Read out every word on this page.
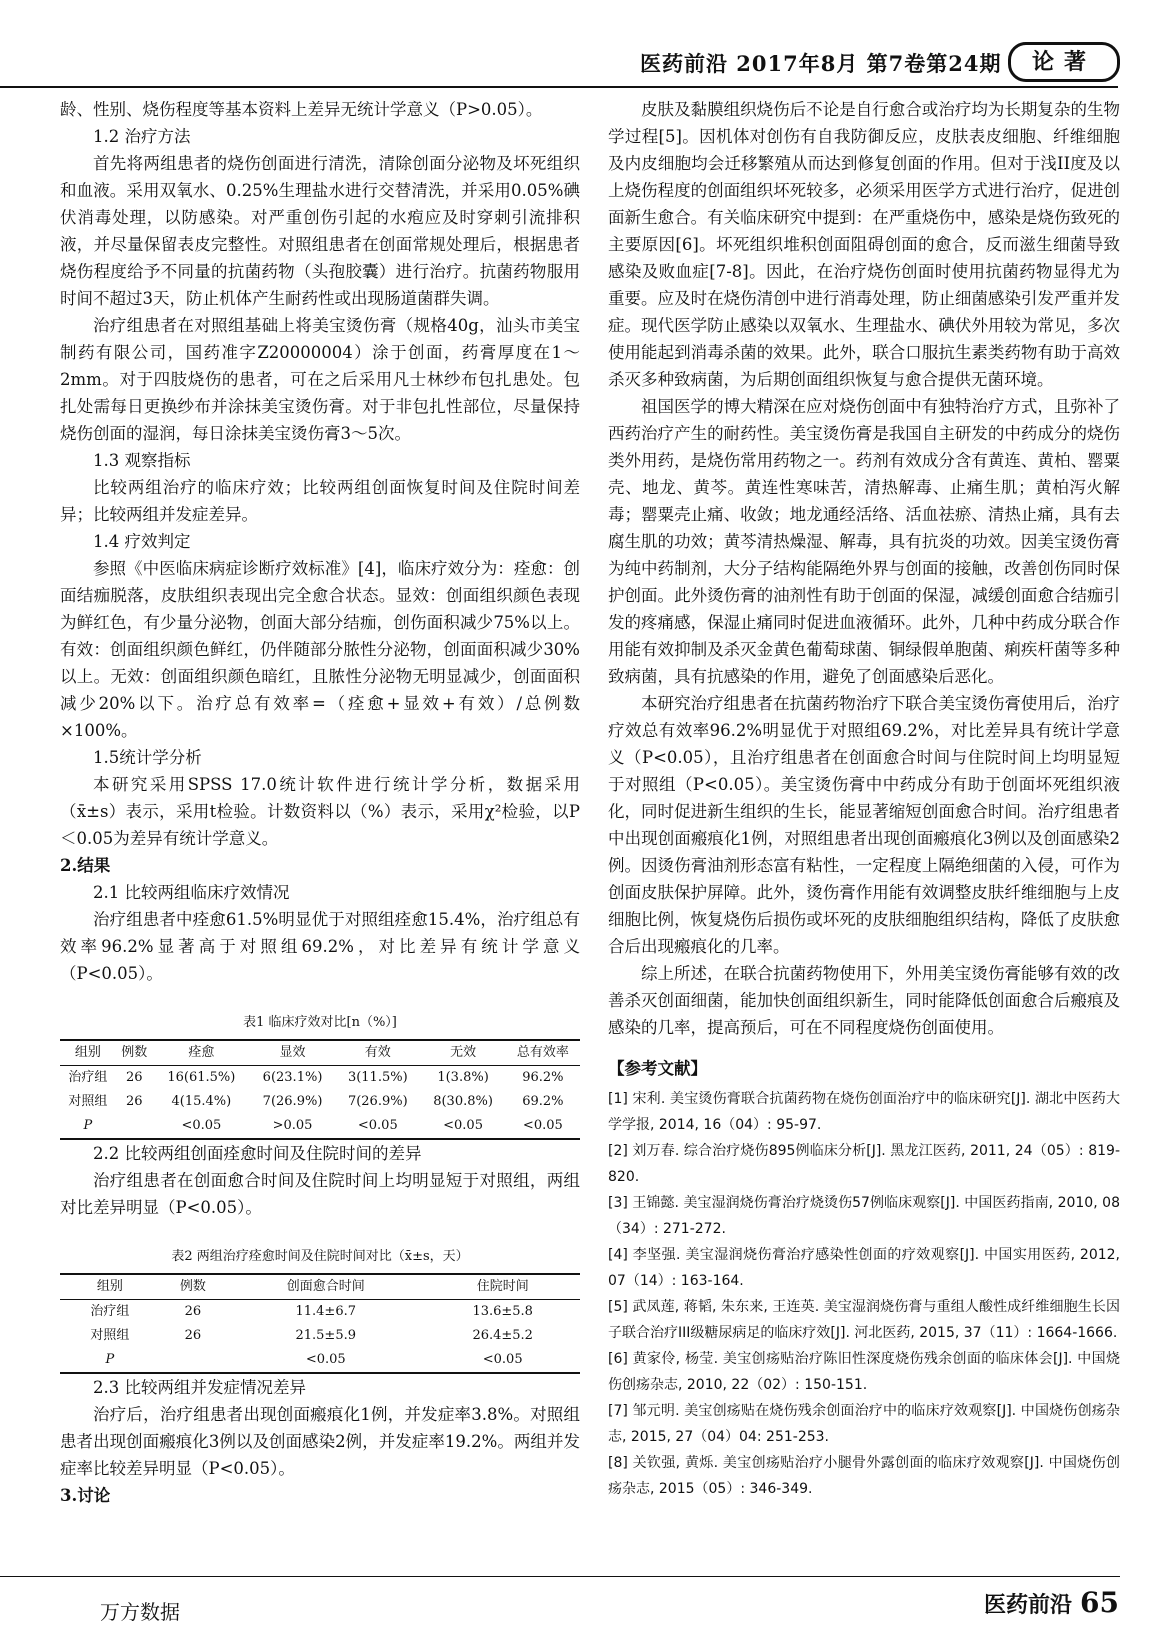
医药前沿 2017年8月 第7卷第24期	论著

龄、性别、烧伤程度等基本资料上差异无统计学意义（P>0.05）。

1.2 治疗方法

首先将两组患者的烧伤创面进行清洗，清除创面分泌物及坏死组织和血液。采用双氧水、0.25%生理盐水进行交替清洗，并采用0.05%碘伏消毒处理，以防感染。对严重创伤引起的水疱应及时穿刺引流排积液，并尽量保留表皮完整性。对照组患者在创面常规处理后，根据患者烧伤程度给予不同量的抗菌药物（头孢胶囊）进行治疗。抗菌药物服用时间不超过3天，防止机体产生耐药性或出现肠道菌群失调。

治疗组患者在对照组基础上将美宝烫伤膏（规格40g，汕头市美宝制药有限公司，国药准字Z20000004）涂于创面，药膏厚度在1～2mm。对于四肢烧伤的患者，可在之后采用凡士林纱布包扎患处。包扎处需每日更换纱布并涂抹美宝烫伤膏。对于非包扎性部位，尽量保持烧伤创面的湿润，每日涂抹美宝烫伤膏3～5次。

1.3 观察指标

比较两组治疗的临床疗效；比较两组创面恢复时间及住院时间差异；比较两组并发症差异。

1.4 疗效判定

参照《中医临床病症诊断疗效标准》[4]，临床疗效分为：痊愈：创面结痂脱落，皮肤组织表现出完全愈合状态。显效：创面组织颜色表现为鲜红色，有少量分泌物，创面大部分结痂，创伤面积减少75%以上。有效：创面组织颜色鲜红，仍伴随部分脓性分泌物，创面面积减少30%以上。无效：创面组织颜色暗红，且脓性分泌物无明显减少，创面面积减少20%以下。治疗总有效率=（痊愈+显效+有效）/总例数×100%。

1.5统计学分析

本研究采用SPSS 17.0统计软件进行统计学分析，数据采用（x̄±s）表示，采用t检验。计数资料以（%）表示，采用χ²检验，以P＜0.05为差异有统计学意义。

2.结果

2.1 比较两组临床疗效情况

治疗组患者中痊愈61.5%明显优于对照组痊愈15.4%，治疗组总有效率96.2%显著高于对照组69.2%，对比差异有统计学意义（P<0.05）。

表1 临床疗效对比[n（%）]
组别	例数	痊愈	显效	有效	无效	总有效率
治疗组	26	16(61.5%)	6(23.1%)	3(11.5%)	1(3.8%)	96.2%
对照组	26	4(15.4%)	7(26.9%)	7(26.9%)	8(30.8%)	69.2%
P		<0.05	>0.05	<0.05	<0.05	<0.05

2.2 比较两组创面痊愈时间及住院时间的差异

治疗组患者在创面愈合时间及住院时间上均明显短于对照组，两组对比差异明显（P<0.05）。

表2 两组治疗痊愈时间及住院时间对比（x̄±s，天）
组别	例数	创面愈合时间	住院时间
治疗组	26	11.4±6.7	13.6±5.8
对照组	26	21.5±5.9	26.4±5.2
P		<0.05	<0.05

2.3 比较两组并发症情况差异

治疗后，治疗组患者出现创面瘢痕化1例，并发症率3.8%。对照组患者出现创面瘢痕化3例以及创面感染2例，并发症率19.2%。两组并发症率比较差异明显（P<0.05）。

3.讨论

皮肤及黏膜组织烧伤后不论是自行愈合或治疗均为长期复杂的生物学过程[5]。因机体对创伤有自我防御反应，皮肤表皮细胞、纤维细胞及内皮细胞均会迁移繁殖从而达到修复创面的作用。但对于浅II度及以上烧伤程度的创面组织坏死较多，必须采用医学方式进行治疗，促进创面新生愈合。有关临床研究中提到：在严重烧伤中，感染是烧伤致死的主要原因[6]。坏死组织堆积创面阻碍创面的愈合，反而滋生细菌导致感染及败血症[7-8]。因此，在治疗烧伤创面时使用抗菌药物显得尤为重要。应及时在烧伤清创中进行消毒处理，防止细菌感染引发严重并发症。现代医学防止感染以双氧水、生理盐水、碘伏外用较为常见，多次使用能起到消毒杀菌的效果。此外，联合口服抗生素类药物有助于高效杀灭多种致病菌，为后期创面组织恢复与愈合提供无菌环境。

祖国医学的博大精深在应对烧伤创面中有独特治疗方式，且弥补了西药治疗产生的耐药性。美宝烫伤膏是我国自主研发的中药成分的烧伤类外用药，是烧伤常用药物之一。药剂有效成分含有黄连、黄柏、罂粟壳、地龙、黄芩。黄连性寒味苦，清热解毒、止痛生肌；黄柏泻火解毒；罂粟壳止痛、收敛；地龙通经活络、活血祛瘀、清热止痛，具有去腐生肌的功效；黄芩清热燥湿、解毒，具有抗炎的功效。因美宝烫伤膏为纯中药制剂，大分子结构能隔绝外界与创面的接触，改善创伤同时保护创面。此外烫伤膏的油剂性有助于创面的保湿，减缓创面愈合结痂引发的疼痛感，保湿止痛同时促进血液循环。此外，几种中药成分联合作用能有效抑制及杀灭金黄色葡萄球菌、铜绿假单胞菌、痢疾杆菌等多种致病菌，具有抗感染的作用，避免了创面感染后恶化。

本研究治疗组患者在抗菌药物治疗下联合美宝烫伤膏使用后，治疗疗效总有效率96.2%明显优于对照组69.2%，对比差异具有统计学意义（P<0.05），且治疗组患者在创面愈合时间与住院时间上均明显短于对照组（P<0.05）。美宝烫伤膏中中药成分有助于创面坏死组织液化，同时促进新生组织的生长，能显著缩短创面愈合时间。治疗组患者中出现创面瘢痕化1例，对照组患者出现创面瘢痕化3例以及创面感染2例。因烫伤膏油剂形态富有粘性，一定程度上隔绝细菌的入侵，可作为创面皮肤保护屏障。此外，烫伤膏作用能有效调整皮肤纤维细胞与上皮细胞比例，恢复烧伤后损伤或坏死的皮肤细胞组织结构，降低了皮肤愈合后出现瘢痕化的几率。

综上所述，在联合抗菌药物使用下，外用美宝烫伤膏能够有效的改善杀灭创面细菌，能加快创面组织新生，同时能降低创面愈合后瘢痕及感染的几率，提高预后，可在不同程度烧伤创面使用。

【参考文献】

[1] 宋利. 美宝烫伤膏联合抗菌药物在烧伤创面治疗中的临床研究[J]. 湖北中医药大学学报, 2014, 16（04）: 95-97.

[2] 刘万春. 综合治疗烧伤895例临床分析[J]. 黑龙江医药, 2011, 24（05）: 819-820.

[3] 王锦懿. 美宝湿润烧伤膏治疗烧烫伤57例临床观察[J]. 中国医药指南, 2010, 08（34）: 271-272.

[4] 李坚强. 美宝湿润烧伤膏治疗感染性创面的疗效观察[J]. 中国实用医药, 2012, 07（14）: 163-164.

[5] 武凤莲, 蒋韬, 朱东来, 王连英. 美宝湿润烧伤膏与重组人酸性成纤维细胞生长因子联合治疗III级糖尿病足的临床疗效[J]. 河北医药, 2015, 37（11）: 1664-1666.

[6] 黄家伶, 杨莹. 美宝创疡贴治疗陈旧性深度烧伤残余创面的临床体会[J]. 中国烧伤创疡杂志, 2010, 22（02）: 150-151.

[7] 邹元明. 美宝创疡贴在烧伤残余创面治疗中的临床疗效观察[J]. 中国烧伤创疡杂志, 2015, 27（04）04: 251-253.

[8] 关钦强, 黄烁. 美宝创疡贴治疗小腿骨外露创面的临床疗效观察[J]. 中国烧伤创疡杂志, 2015（05）: 346-349.

万方数据	医药前沿 65
